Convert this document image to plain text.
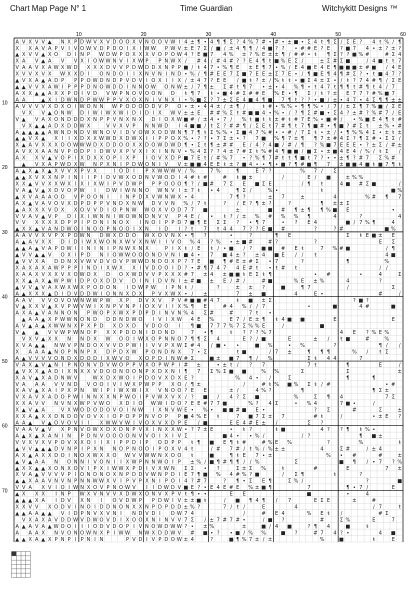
Chart Map Page N° 1	Time Guardian	Witchykitt Designs ™
10	20	30	40	50	60
10
20
30
40
50
60
70
A V X V V ▲ N X P D W V X V D O O X V N O O V W I 4 ± ¶ • 4 ¶ ¶ Σ ? 4 % 7 # • # • ± ■ • Σ 4 ŧ ¶ Σ / Σ E ? 4 ŧ % / ¶
X X A V A P V I V O W V D P D O I X I W W P W V ± E 7 Σ / ■ / ± 4 ¶ ¶ / 4 ■ ? ? • # # E ? E ? ■ 7 4 • ± ? ± ?
▲ X V V ▲ X O D I N P W D W P O X X X V O P O W 4 ? E ■ 7 4 % ± ? % E ± ± ¶ / # # • ŧ ¶ Σ ? ? ■ % #	# Σ 4
X A V ▲ A V V X I O W W N V I X W P P N W X / # 4 / # 4 # ? ? E 4 ¶ ŧ ■ % E Σ /	± Σ # Σ ■	/ 4 ■ ŧ ŧ 7
V A A V X A W X W D X X X D V V P D W D D X N P P ■ / ŧ 4 7 • % ¶ E ± E ¶ 7 • % / E 4 ■ E 4 E ¶ ■ ■ ■ ± # ■ / 4 E
X V V X V X W X X D I O N D O I I X N V N I N D • % / ¶ # E E 7 Σ ■ 7 E E ± Σ 7 E • / ¶ ■ E ¶ 4 ¶ # Σ ? • ŧ ■ 4 7 ?
▲ V X A ▲ A D P P P O W D N D P V D V I O X I I X / ± 4 7 ? E E / ■ ŧ ? ± / % ŧ ŧ • ■ Σ 4 ± Σ • / ŧ ? 7 4 # ¶ / Σ E
▲ ▲ V V X A W I P P P D N O W D D I N N O W O N W ± / 7 ¶ ± Σ # ŧ ¶ 7 • ± • 4 % ¶ • ŧ 4 7 ŧ ¶ ¶ ŧ # ¶ ŧ 4 / 7
A X X ▲ ▲ A X X P O I V D V W P N O V O O N D ŧ ¶ 7 ŧ • ■ 4 # Σ # # E % E • ¶ Σ / ŧ ? ± E 7 7 ? # % ■ 7
A A	▲ X I D W N D P W W P P V X O X N I V N X I • % ■ Σ ? 7 ± Σ E 4 ■ 4 ¶ ■ 7 ¶ ŧ ? ? • ■ / ± • 4 7 • 4 Σ ¶ ¶ ± ±
A V V V V X D X O I W O N N W P O D O D D V P O • ± • 4 4 ± / ± ¶ /	ŧ # • % % • ¶ ¶ % • / 7 / ± Σ ¶ 7 % ■ / Σ E
V X V ▲ O N W D I W I W X W I D I D I X W V ± ± E # # % Σ ŧ # ■ ■ 4 • % • / ? ¶ Σ # ■ • Σ 4 ? ± # ? % # 7 / E
V ▲ V A X O N D D D X N P P V N X N X D I O X W ■ # / ± 4 • 7 / % ŧ ■ ŧ ŧ ± # ŧ # 7 E % • ■ # / • % ■ E 4 ¶ ŧ #
V X ▲ ▲ A D X D D W X	V V X V P N N W D I 4 ■ ■ / ŧ Σ ? # # ¶ / Σ E ŧ 7 # ¶ ŧ 7 ¶ ■ # • ¶ ■ ? # Σ ŧ ± % • #
A ▲ ▲ ▲ ▲ A W N D N D V W N O V I D V O W X O D W N ¶ 7 ¶ ŧ Σ % % • Σ ■ 4 7 % # • • # / 7 Σ ŧ • ± / • ¶ % % 4 Σ • ± ŧ ±
▲ ▲ V X ▲ X I I X D X X W W D X D W X I I P P O X % • ? ? • 7 Σ ± • ? 7 ■ % ¶ 7 ± ¶ ¶ 7 ± # 4 Σ ? ¶ Σ # • Σ Σ /
X ▲ A V X X X O O W W W D X D D O O X X D O W D W D ¶ • Σ ŧ ¶ ± # # E / 4 ? 4 ■ / # / ¶ ? % ■ 7 E E E • ? ± Σ / # ±
A V X X A A N V P O D P I D W V X P V X I X I N N V • % 4 Σ ? ? 4 ± 7 # Σ ŧ % # 4 ¶ ■ ■ / ■ Σ • ± ■ 4 E 4 / % / ŧ Σ /
A X X V ▲ V O P I X D X X O P I X P I O V X D P ■ 7 E ŧ / # % 7 • ? % ¶ 7 # ŧ ŧ ¶ ■ ŧ 7 ? • • ± ¶ ? # 7 Σ % #
▲ V X A P W D X W N P X N I P D W O N I V V ± ■ ■ 4 E E ŧ ± ? ■ 4 • • ¶ • ■ ? ¶ # ■ ¶ 7 ± ■ ■ 4 ■ ŧ ■ 7 ¶ ŧ
A ▲ X ▲ X ▲ X V V X P V X	I O D I P X W W W V / %	7 %	¶	E 7 ?	% 7 / Σ
▲ ▲ X V X X N P I N I I P I D V W X O D N V W O D I 4 # ŧ #	# ŧ ■ ±	/	E / ■	± % %
X X ▲ V V X X W X I X I X W I P V D W P P P O O O ¶ ? / ■ # 7 Σ E ■ Σ E	/ ¶ ŧ	4 ■ # Σ ■	/
V A ▲ V ▲ X D V O P W I D W I W N N O W N V I ± 7 ŧ • 4	¶ Σ /	% •	ŧ	■ %
▲ X V A A A O O V P O O N I I N P D X V W N W X • 4	7 ¶ ?	± 7	±	4	% # ¶ 7
A X ▲ V A V O V X D P D P P V N D X N W D V V N % / 7 ŧ	? / E ? ¶ ± ?	?	¶ ± ± Σ
▲ A X X X V D X X O V V D I O P N W W O X V O D 7 7 ■	±	■ # ¶ ± ¶ ¶ % ■ E	•
V V A V ▲ V P D I X I W N N I W O W N D N V V P 4 E / • ŧ ? / ± % # % % ¶	4	?	4
V V X X X X D P P I P D N I N O X I N O I P P D 7 ■ ¶ E Σ Σ ? • ¶ 7	• ? E 4	■ / 7 % ¶	4
▲ X X ▲ V A N D W O I N O O P N O O I X N I D I ? ŧ 7 ŧ 4 4 7 ? ? E ■ #	?	? #	■ %
A A V V X V P X P O W N D W X D D O W X O V N X • ¶ ?	•	?	¶ E	Σ ŧ E ■ ± E
A ▲ A V X X D I D I W X W O N X W V X N W I I V O % 4 ? % • ± ■ #	# ?	?	E Σ
▲ ▲ A ▲ V A P O W I I N I N I P N W X N X	P I X ŧ / E ŧ / • ■ / ? ■ ■ # E ŧ	7 % # ■	/ ¶
▲ V V ▲ ▲ V O X I P D N I O W W O O O N D V N I ■ 4 • 7 ■ 4 ± ? ± 4 ■ E / / ŧ	4 ■
▲ V V X A D D N X V W V D V O V P W W D N D O X P ? 7 E ■ ¶ # E ± # Σ • 7	?	¶	%
X A X A X A W P P P I N D I X W X X I V D O O I D ? • # ¶ 7 4 7 4 E # ŧ • ŧ # ŧ	/ /
X A A X V X X V X O W O X D O X W D V V P X X X # 7 ± 4 ± ■ ■ ŧ E Σ ŧ ¶	• #	•	4	Σ
X X ▲ A X ▲ W P W I D P O X D D V D I N I D V N I ± # ■ ± E / # /	# ■	% E ± %	4	?
▲ V V ▲ V A X W X W X P O D O N I D W P W I P N ŧ /	?	± ± ?	■	¶ 7	/	Σ
A ▲ X X X ▲ D I D V D D W I O N N X D X P V X W X • / ±	7 ± ■	4	E •	#	/
A A V V V O V O W N W W P W X P D V X V P V # ■ ■ # 4 7	ŧ ■ ± Σ	? ■ ?
V ▲ X X V ▲ X V P W V W I X N P V N P I O X V I I X % ¶ E	# 4 % / / 7	•	■	4 #	■
A X A ▲ V A N N O N P W O P X W X P D P D I N V N % 4 Σ #	#	7 ŧ •
▲ A A ▲ X P W W N O N D D D N D W O I V I X W 4 E %	E 7 / E ± ¶ ŧ 4 ■ ■	E	E
A V ▲ A ▲ X W W N X P X P D X D X D V D O O I ¶ ■ 7 7 7 % 7 Σ % % E	/	■
V ▲ ▲ V V W P W N O P X X P D D N I D D N D	7 • ¶	ŧ ? ? ? % 7	4 E ? % E %
V X V ▲ X X N N D X W O O I W X O P N N O 7 ¶ ¶ Σ 4	E ? / ■	E	± / ŧ ■	#	%
X V A ▲ ▲ N W V P N D O X V V D P W I I V V P X W Σ # 4 / ■ • •	■ %	• %	?	¶ / /
X A A A ▲ N O P N N P X D P D X W P O N D N X 7 • Σ	ŧ ■	/ 7 ±	¶ ¶ ¶	% / ŧ Σ
A ▲ V V V V O N D X D O D I X W V O X O P D I N W # Σ	■ ± ■ 7 ¶ / %	Σ ŧ 4 4	7
V A X ▲ V ▲ N I P N O N V D V W O P P V X O P W P I # ±	• ± ŧ / ? 7	7 ŧ	¶	E	/
▲ V X X ▲ A D I X N X X V D O O N O O N P X D X N I ¶ 7 Σ % Σ ■ ■	% %	Σ	Σ	±
X A V ▲ X A D N W V	W X D X W O I P D O V X D X E ?	% 4 • /	Σ	¶	¶
V A A A V V N D V O O I V I W X P W P P X O / ¶ ±	/	# ŧ % ■ % Σ ŧ / #	• #
X A V ▲ X A I P X P N W I P I W X W I X V N O O ? E E	± /	4 % ?	¶	¶ Σ ±
V X A V X A D O P W I N N X X N P W O I P V W X V X / ? ■ / 4 ? Σ ■	%	Σ ¶ 4	7 Σ
X X A V V N V N X W P V W O X D I O W W I D O ? E E # 7 7 ■	% ? 4 Σ	• % 4	7 ■ •	/
X ▲ V ▲ A	V X W O D O D O V O I N W I X N V W E • % • ■ ■ # ■ E •	? Σ	#	Σ	±
X X A ▲ X X D N D O V O V X I O P O P P N V O P P ■ 4 % E ŧ	7 ■ 7 Σ ± 7	# ŧ	/	• ± E ?
A A ▲ V ▲ O V O V I I X W W V W I V O X V X D P E / ■	E E 4 # E ± /	Σ ?
V A A V ▲ V X P N V O W X D X D N P V X I N X X W • ? 7 ± E	• ŧ ?	ŧ ■	4 ? ? ¶ ŧ % •
A ▲ X ▲ X A N I N P D N V O O O O N V V O I X I V Σ	■ 4 • • % /	/ ?	¶ ■ ±
V V X V X V P O V X X O I I X I P P D I P O D P P ŧ ¶ ■ E ¶ ŧ #	# % E %	?	%	ŧ
▲ V V ▲ ▲ ▲ D V N P I P X N N O P N O O I P O X V 4 ŧ	/ # 7 # / ŧ % / % ± ±	4	Σ #	/ ± 4
A X ▲ A X X D O I N O X W X X O W V V W W N X O O ŧ	■	¶ ŧ E 7 • ±	% • #	#	±
▲ V ▲ A A N O N N I V O N I I X W P N N W O I P ± % / ■ ¶ # ¶ ¶ / / %	Σ	■ ¶ / • 7 ? %
▲ X X ▲ ▲ X O N X O V I P X I W W X P D I V X W N Σ Σ • ?	Σ ± Σ %	ŧ	#	E	7 ±
X V A ▲ V V V V P I O N D N O X N P D D V W N P D I E 7 ¶ ■ % 4 # % ? ■	/ Σ ¶	ŧ	?
▲ ▲ X A A V N V N P N N W W X V I P V P X N I P O I 4 ? # 7	? ¶ • Σ E ¶	Σ % /	?	■
V V A X V I O I W N X O V P N O W V I I D W D V ■ E ? • E 4 E # E % ± ■ ¶	7	¶ • 7 /	E
▲ X X X I N P W X V N V V X D W X O N V X P V ŧ ¶ • •	E E	■	•	4
▲ ▲ ▲ X A I D V X N I O V D W P P D W I V ± ± ■ ŧ	/ ■ ¶ 4 ¶ / 7	E Σ E	±	#
X X V V X O D V I N O I D D N O N X X N P D P D D ± % ?	7 / ŧ /	E	4	/ 7	ŧ
▲ ▲ A A ▲ ▲ V I D P N V X V N I N D V D I D W 7 4	/	# E 4	% E ŧ /	# Σ
V X A X A V D D W V D W O V D I X O O X N I N V V 7 Σ / ± 7 # 7 # •	/ ■ ?	#	Σ %	E	7
A ▲ A V A ▲ W O O I I I O D V D O P I V N O W D W W ? • ± %	±	■ / 4 ■	? ¶ 4	■	ŧ
A A A X N V O N O W N X P I W W N W X D D W V # ■ • ? • ■ / % %	■ ?	# 7 4 ? •	4 ■
▲ ▲ X A ▲ X P N P I P N I N	P V D I V P D O W ± 4	?	■ ¶ % 7 ± / ±	%	■	ŧ	E
